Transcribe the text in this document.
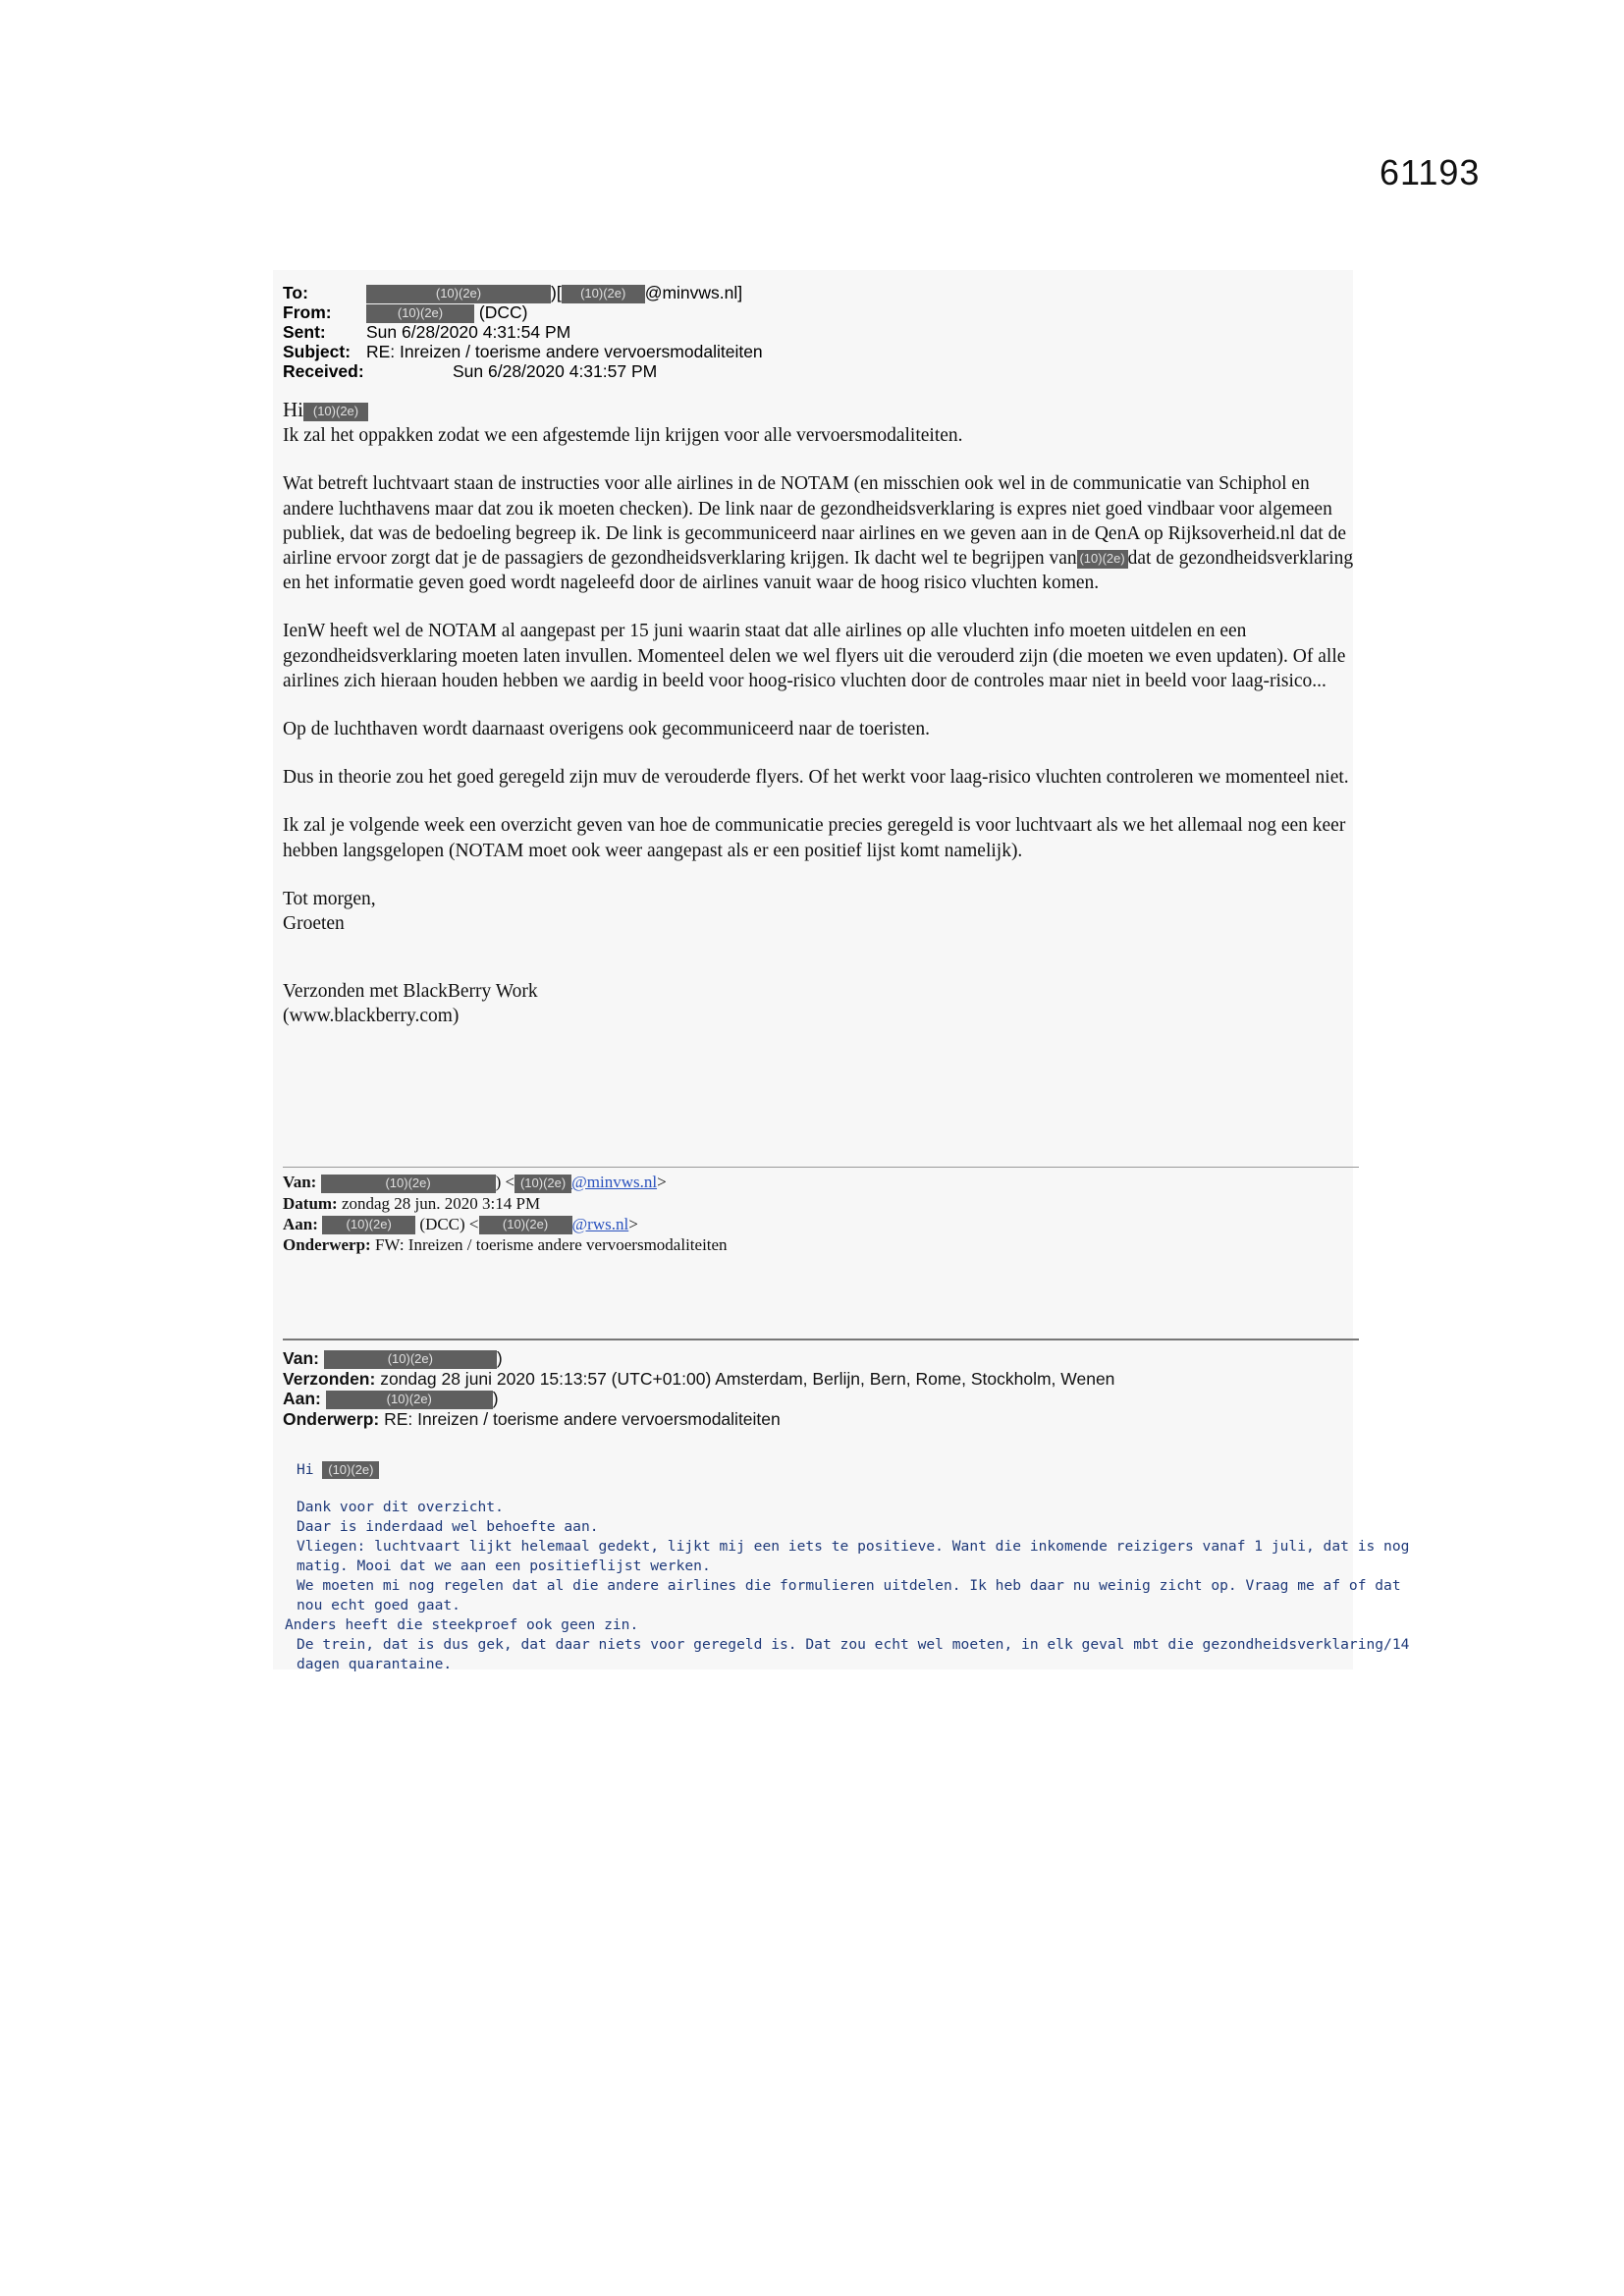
61193
To:	(10)(2e)	)[ (10)(2e) @minvws.nl]
From:	(10)(2e) (DCC)
Sent: Sun 6/28/2020 4:31:54 PM
Subject: RE: Inreizen / toerisme andere vervoersmodaliteiten
Received:	Sun 6/28/2020 4:31:57 PM

Hi (10)(2e)

Ik zal het oppakken zodat we een afgestemde lijn krijgen voor alle vervoersmodaliteiten.

Wat betreft luchtvaart staan de instructies voor alle airlines in de NOTAM (en misschien ook wel in de communicatie van Schiphol en andere luchthavens maar dat zou ik moeten checken). De link naar de gezondheidsverklaring is expres niet goed vindbaar voor algemeen publiek, dat was de bedoeling begreep ik. De link is gecommuniceerd naar airlines en we geven aan in de QenA op Rijksoverheid.nl dat de airline ervoor zorgt dat je de passagiers de gezondheidsverklaring krijgen. Ik dacht wel te begrijpen van (10)(2e) dat de gezondheidsverklaring en het informatie geven goed wordt nageleefd door de airlines vanuit waar de hoog risico vluchten komen.

IenW heeft wel de NOTAM al aangepast per 15 juni waarin staat dat alle airlines op alle vluchten info moeten uitdelen en een gezondheidsverklaring moeten laten invullen. Momenteel delen we wel flyers uit die verouderd zijn (die moeten we even updaten). Of alle airlines zich hieraan houden hebben we aardig in beeld voor hoog-risico vluchten door de controles maar niet in beeld voor laag-risico...

Op de luchthaven wordt daarnaast overigens ook gecommuniceerd naar de toeristen.

Dus in theorie zou het goed geregeld zijn muv de verouderde flyers. Of het werkt voor laag-risico vluchten controleren we momenteel niet.

Ik zal je volgende week een overzicht geven van hoe de communicatie precies geregeld is voor luchtvaart als we het allemaal nog een keer hebben langsgelopen (NOTAM moet ook weer aangepast als er een positief lijst komt namelijk).

Tot morgen,
Groeten

Verzonden met BlackBerry Work
(www.blackberry.com)

Van:	(10)(2e)	) < (10)(2e) @minvws.nl>
Datum: zondag 28 jun. 2020 3:14 PM
Aan: (10)(2e) (DCC) < (10)(2e) @rws.nl>
Onderwerp: FW: Inreizen / toerisme andere vervoersmodaliteiten
Van:	(10)(2e)	)
Verzonden: zondag 28 juni 2020 15:13:57 (UTC+01:00) Amsterdam, Berlijn, Bern, Rome, Stockholm, Wenen
Aan:	(10)(2e)	)
Onderwerp: RE: Inreizen / toerisme andere vervoersmodaliteiten
Hi (10)(2e)
Dank voor dit overzicht.
Daar is inderdaad wel behoefte aan.
Vliegen: luchtvaart lijkt helemaal gedekt, lijkt mij een iets te positieve. Want die inkomende reizigers vanaf 1 juli, dat is nog
matig. Mooi dat we aan een positieflijst werken.
We moeten mi nog regelen dat al die andere airlines die formulieren uitdelen. Ik heb daar nu weinig zicht op. Vraag me af of dat
nou echt goed gaat.
Anders heeft die steekproef ook geen zin.
De trein, dat is dus gek, dat daar niets voor geregeld is. Dat zou echt wel moeten, in elk geval mbt die gezondheidsverklaring/14
dagen quarantaine.
